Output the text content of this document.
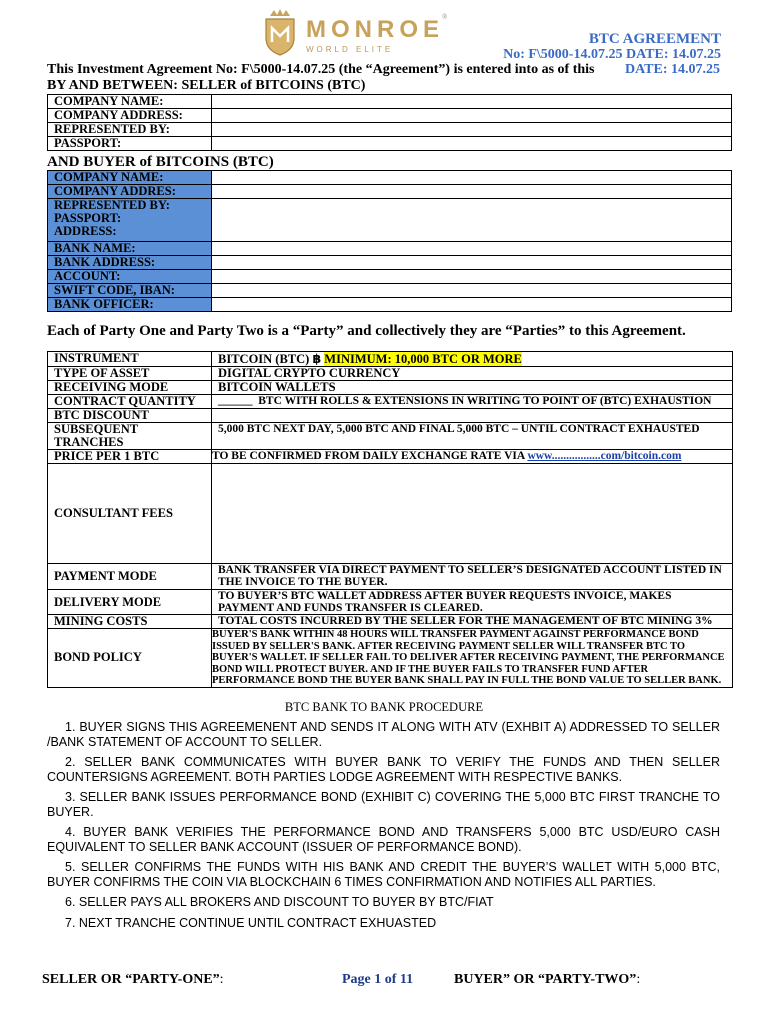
MONROE
®
WORLD ELITE
BTC AGREEMENT
No: F\5000-14.07.25 DATE: 14.07.25
This Investment Agreement No: F\5000-14.07.25 (the “Agreement”) is entered into as of this DATE: 14.07.25
BY AND BETWEEN: SELLER of BITCOINS (BTC)
COMPANY NAME:	
COMPANY ADDRESS:	
REPRESENTED BY:	
PASSPORT:	
AND BUYER of BITCOINS (BTC)
COMPANY NAME:	
COMPANY ADDRES:	
REPRESENTED BY:
PASSPORT:
ADDRESS:	
BANK NAME:	
BANK ADDRESS:	
ACCOUNT:	
SWIFT CODE, IBAN:	
BANK OFFICER:	
Each of Party One and Party Two is a “Party” and collectively they are “Parties” to this Agreement.
INSTRUMENT	BITCOIN (BTC) ฿ MINIMUM: 10,000 BTC OR MORE
TYPE OF ASSET	DIGITAL CRYPTO CURRENCY
RECEIVING MODE	BITCOIN WALLETS
CONTRACT QUANTITY	______ BTC WITH ROLLS & EXTENSIONS IN WRITING TO POINT OF (BTC) EXHAUSTION
BTC DISCOUNT	
SUBSEQUENT TRANCHES	5,000 BTC NEXT DAY, 5,000 BTC AND FINAL 5,000 BTC – UNTIL CONTRACT EXHAUSTED
PRICE PER 1 BTC	TO BE CONFIRMED FROM DAILY EXCHANGE RATE VIA www.................com/bitcoin.com
CONSULTANT FEES	
PAYMENT MODE	BANK TRANSFER VIA DIRECT PAYMENT TO SELLER’S DESIGNATED ACCOUNT LISTED IN THE INVOICE TO THE BUYER.
DELIVERY MODE	TO BUYER’S BTC WALLET ADDRESS AFTER BUYER REQUESTS INVOICE, MAKES PAYMENT AND FUNDS TRANSFER IS CLEARED.
MINING COSTS	TOTAL COSTS INCURRED BY THE SELLER FOR THE MANAGEMENT OF BTC MINING 3%
BOND POLICY	BUYER'S BANK WITHIN 48 HOURS WILL TRANSFER PAYMENT AGAINST PERFORMANCE BOND ISSUED BY SELLER'S BANK. AFTER RECEIVING PAYMENT SELLER WILL TRANSFER BTC TO BUYER'S WALLET. IF SELLER FAIL TO DELIVER AFTER RECEIVING PAYMENT, THE PERFORMANCE BOND WILL PROTECT BUYER. AND IF THE BUYER FAILS TO TRANSFER FUND AFTER PERFORMANCE BOND THE BUYER BANK SHALL PAY IN FULL THE BOND VALUE TO SELLER BANK.
BTC BANK TO BANK PROCEDURE

1. BUYER SIGNS THIS AGREEMENENT AND SENDS IT ALONG WITH ATV (EXHBIT A) ADDRESSED TO SELLER /BANK STATEMENT OF ACCOUNT TO SELLER.

2. SELLER BANK COMMUNICATES WITH BUYER BANK TO VERIFY THE FUNDS AND THEN SELLER COUNTERSIGNS AGREEMENT. BOTH PARTIES LODGE AGREEMENT WITH RESPECTIVE BANKS.

3. SELLER BANK ISSUES PERFORMANCE BOND (EXHIBIT C) COVERING THE 5,000 BTC FIRST TRANCHE TO BUYER.

4. BUYER BANK VERIFIES THE PERFORMANCE BOND AND TRANSFERS 5,000 BTC USD/EURO CASH EQUIVALENT TO SELLER BANK ACCOUNT (ISSUER OF PERFORMANCE BOND).

5. SELLER CONFIRMS THE FUNDS WITH HIS BANK AND CREDIT THE BUYER’S WALLET WITH 5,000 BTC, BUYER CONFIRMS THE COIN VIA BLOCKCHAIN 6 TIMES CONFIRMATION AND NOTIFIES ALL PARTIES.

6. SELLER PAYS ALL BROKERS AND DISCOUNT TO BUYER BY BTC/FIAT

7. NEXT TRANCHE CONTINUE UNTIL CONTRACT EXHUASTED

SELLER OR “PARTY-ONE”:	Page 1 of 11	BUYER” OR “PARTY-TWO”:
